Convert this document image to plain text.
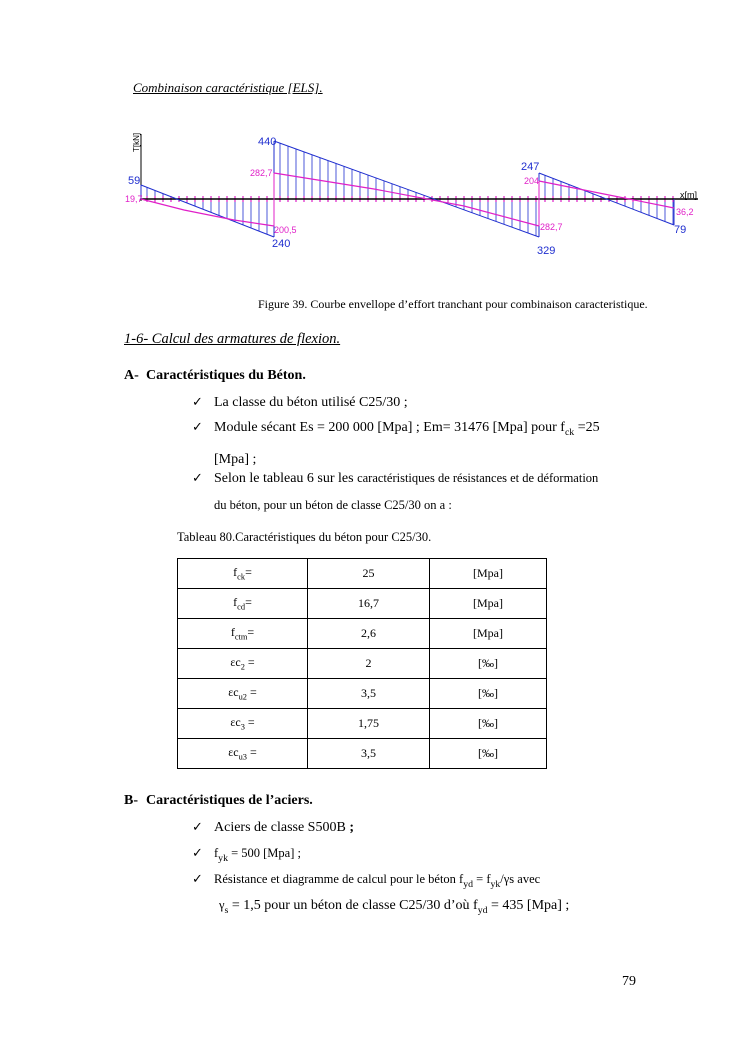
Combinaison caractéristique [ELS].
T[kN]
x[m]
440
282,7
59
19,7
200,5
240
247
204
282,7
329
36,2
79
Figure 39. Courbe envellope d’effort tranchant pour combinaison caracteristique.
1-6- Calcul des armatures de flexion.
A- Caractéristiques du Béton.
✓ La classe du béton utilisé C25/30 ;
✓ Module sécant Es = 200 000 [Mpa] ; Em= 31476 [Mpa] pour $f_{ck} =25$
[Mpa] ;
✓ Selon le tableau 6 sur les caractéristiques de résistances et de déformation
du béton, pour un béton de classe C25/30 on a :
Tableau 80.Caractéristiques du béton pour C25/30.
$f_{ck}=$	25	[Mpa]
$f_{cd}=$	16,7	[Mpa]
$f_{ctm}=$	2,6	[Mpa]
$\varepsilon c_2$ =	2	[‰]
$\varepsilon c_{u2}$ =	3,5	[‰]
$\varepsilon c_3$ =	1,75	[‰]
$\varepsilon c_{u3}$ =	3,5	[‰]
B- Caractéristiques de l’aciers.
✓ Aciers de classe S500B ;
✓ $f_{yk} = 500$ [Mpa] ;
✓ Résistance et diagramme de calcul pour le béton $f_{yd} = f_{yk}/\gamma s$ avec
$\gamma_s = 1,5$ pour un béton de classe C25/30 d’où $f_{yd} = 435$ [Mpa] ;
79
